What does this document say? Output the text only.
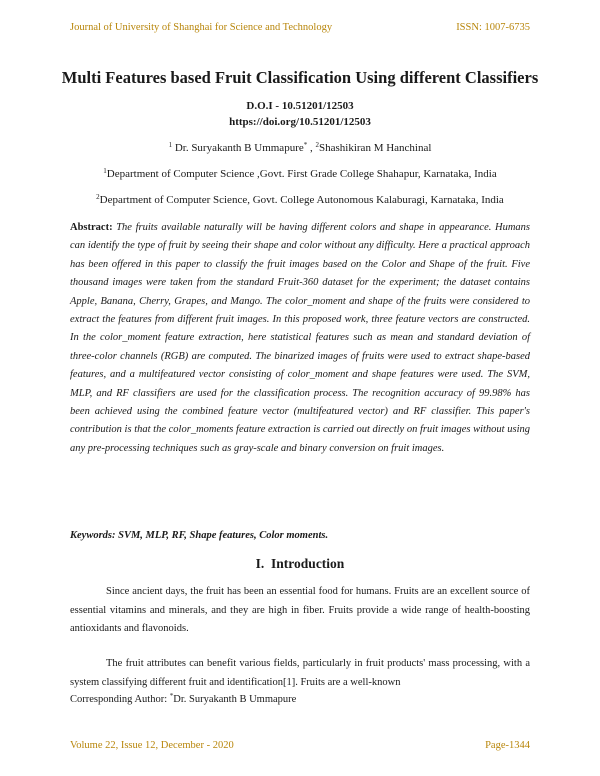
Journal of University of Shanghai for Science and Technology	ISSN: 1007-6735
Multi Features based Fruit Classification Using different Classifiers
D.O.I - 10.51201/12503
https://doi.org/10.51201/12503
$^1$ Dr. Suryakanth B Ummapure* , $^2$Shashikiran M Hanchinal
$^1$Department of Computer Science ,Govt. First Grade College Shahapur, Karnataka, India
$^2$Department of Computer Science, Govt. College Autonomous Kalaburagi, Karnataka, India
Abstract: The fruits available naturally will be having different colors and shape in appearance. Humans can identify the type of fruit by seeing their shape and color without any difficulty. Here a practical approach has been offered in this paper to classify the fruit images based on the Color and Shape of the fruit. Five thousand images were taken from the standard Fruit-360 dataset for the experiment; the dataset contains Apple, Banana, Cherry, Grapes, and Mango. The color_moment and shape of the fruits were considered to extract the features from different fruit images. In this proposed work, three feature vectors are constructed. In the color_moment feature extraction, here statistical features such as mean and standard deviation of three-color channels (RGB) are computed. The binarized images of fruits were used to extract shape-based features, and a multifeatured vector consisting of color_moment and shape features were used. The SVM, MLP, and RF classifiers are used for the classification process. The recognition accuracy of 99.98% has been achieved using the combined feature vector (multifeatured vector) and RF classifier. This paper's contribution is that the color_moments feature extraction is carried out directly on fruit images without using any pre-processing techniques such as gray-scale and binary conversion on fruit images.
Keywords: SVM, MLP, RF, Shape features, Color moments.
I. Introduction
Since ancient days, the fruit has been an essential food for humans. Fruits are an excellent source of essential vitamins and minerals, and they are high in fiber. Fruits provide a wide range of health-boosting antioxidants and flavonoids.
The fruit attributes can benefit various fields, particularly in fruit products' mass processing, with a system classifying different fruit and identification[1]. Fruits are a well-known
Corresponding Author: *Dr. Suryakanth B Ummapure
Volume 22, Issue 12, December - 2020	Page-1344
